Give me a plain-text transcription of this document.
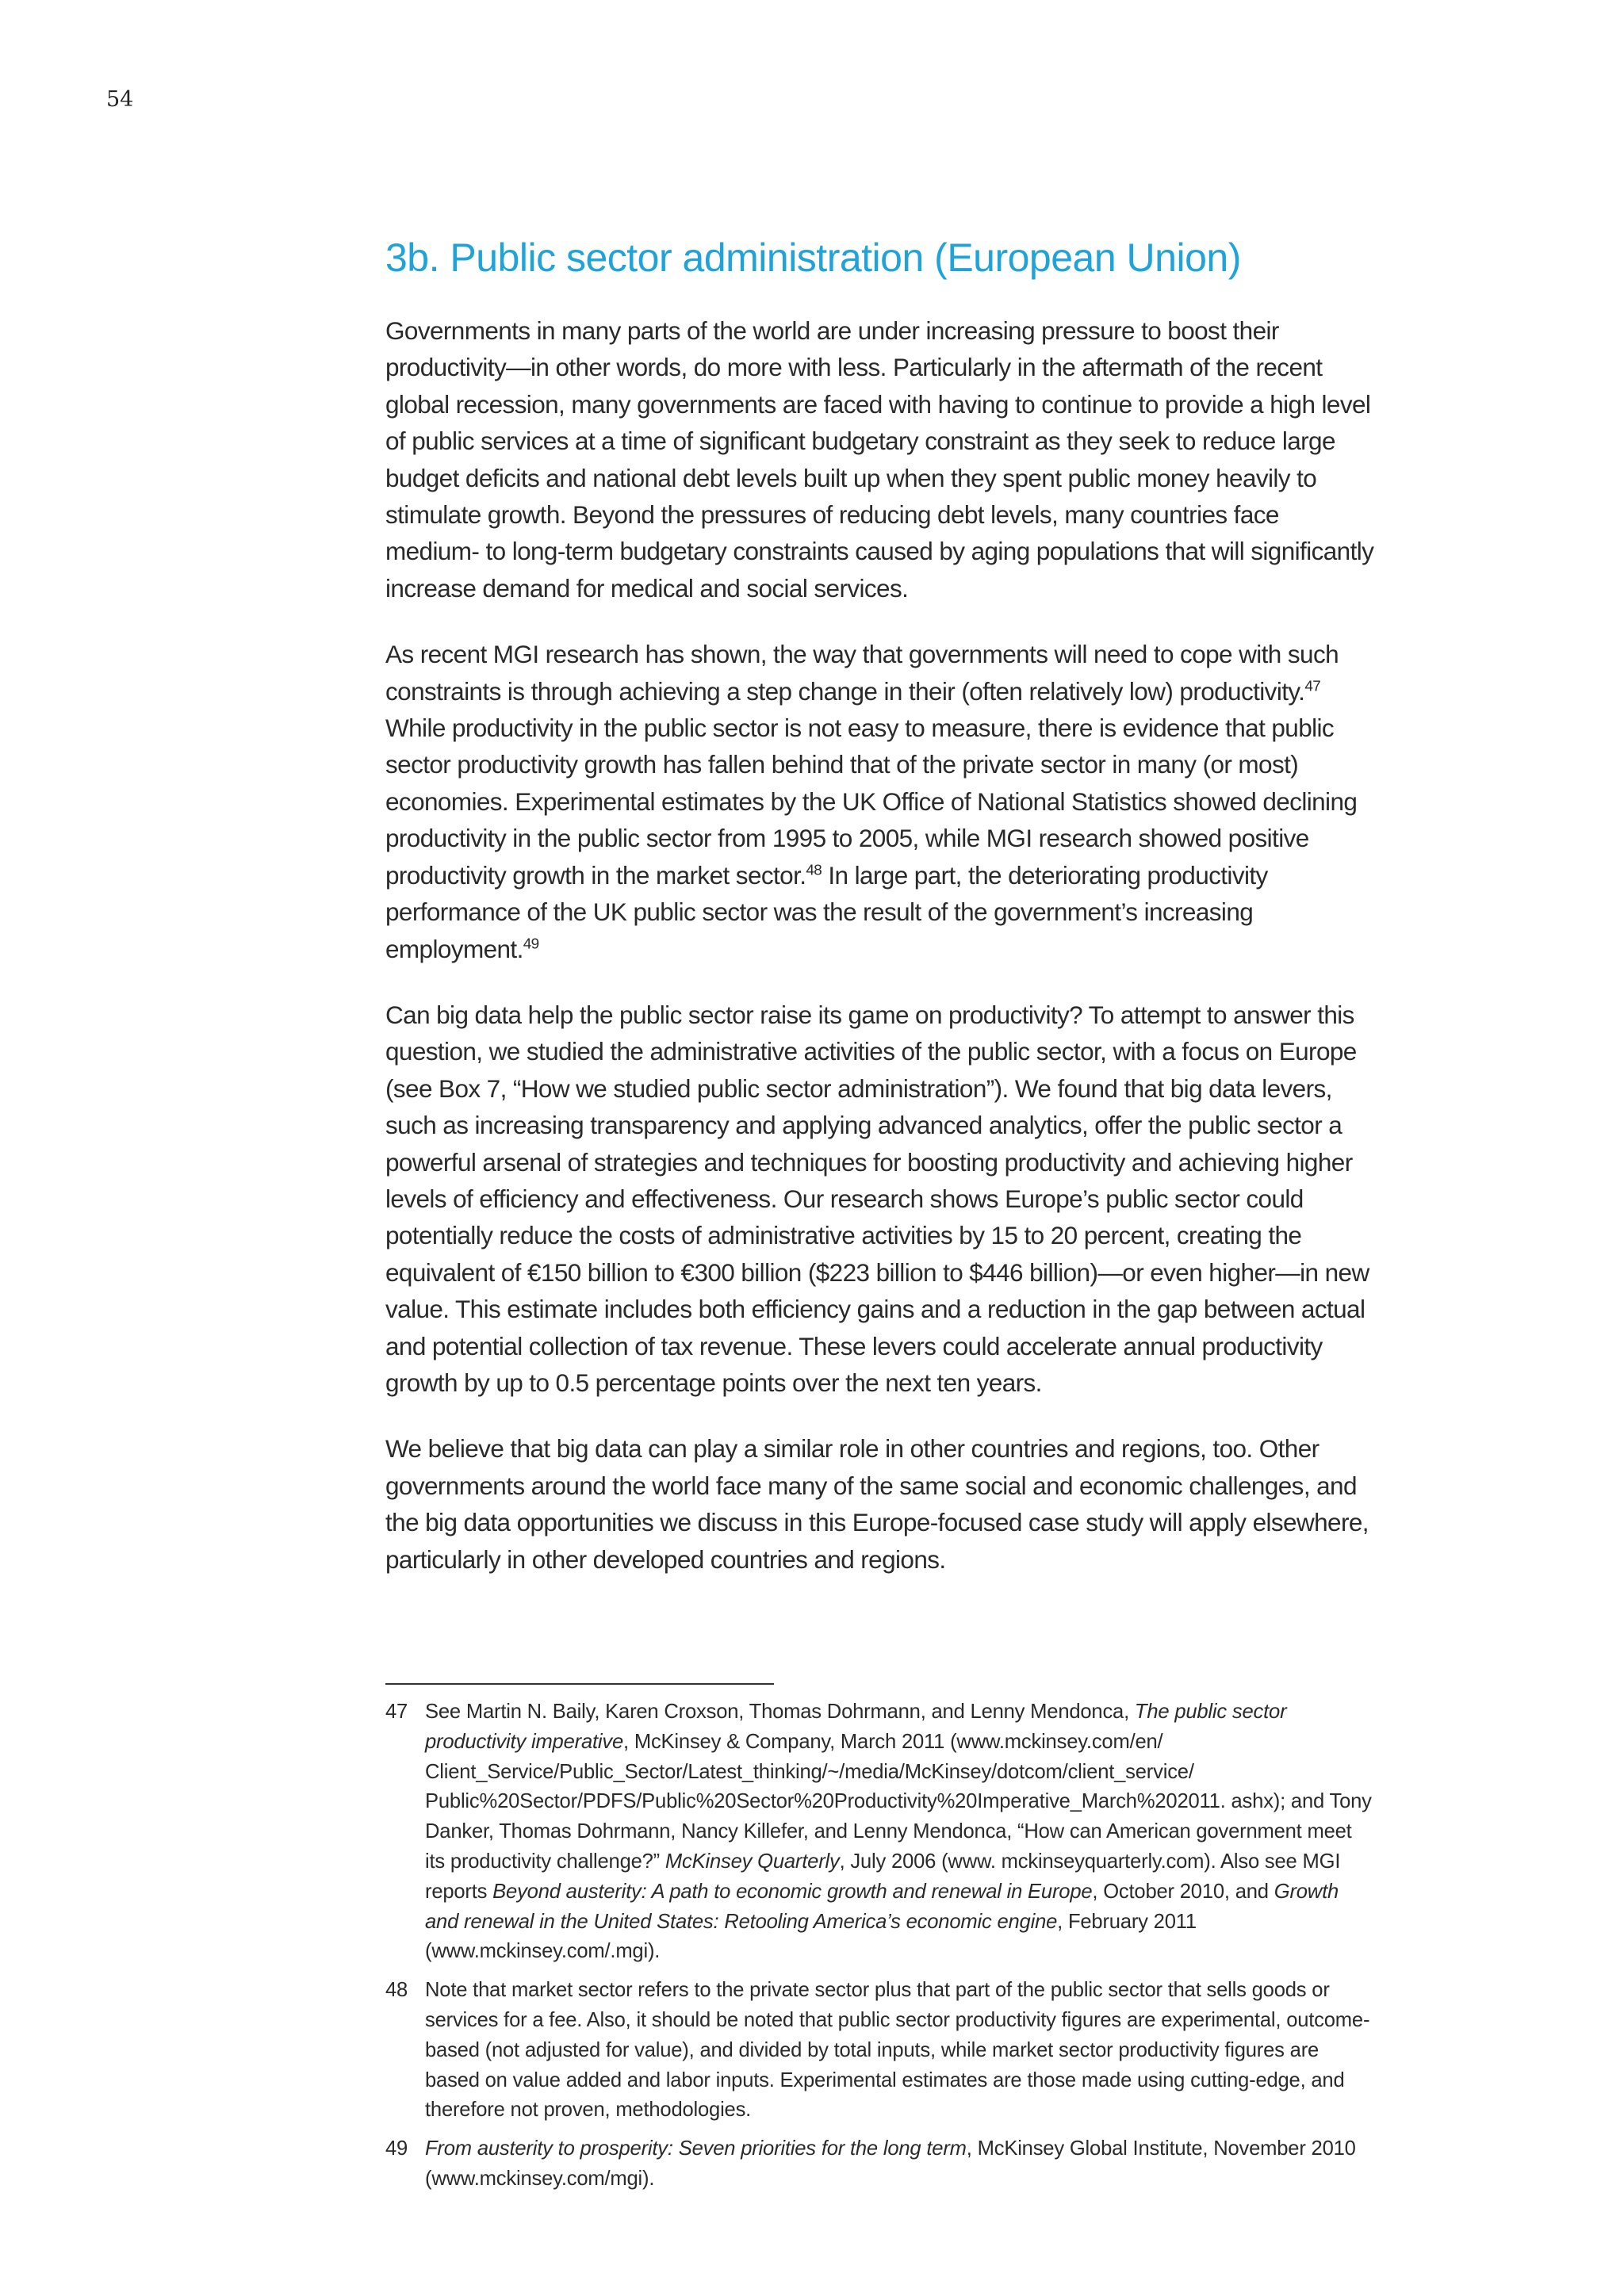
54
3b. Public sector administration (European Union)

Governments in many parts of the world are under increasing pressure to boost their productivity—in other words, do more with less. Particularly in the aftermath of the recent global recession, many governments are faced with having to continue to provide a high level of public services at a time of significant budgetary constraint as they seek to reduce large budget deficits and national debt levels built up when they spent public money heavily to stimulate growth. Beyond the pressures of reducing debt levels, many countries face medium- to long-term budgetary constraints caused by aging populations that will significantly increase demand for medical and social services.

As recent MGI research has shown, the way that governments will need to cope with such constraints is through achieving a step change in their (often relatively low) productivity.$^{47}$ While productivity in the public sector is not easy to measure, there is evidence that public sector productivity growth has fallen behind that of the private sector in many (or most) economies. Experimental estimates by the UK Office of National Statistics showed declining productivity in the public sector from 1995 to 2005, while MGI research showed positive productivity growth in the market sector.$^{48}$ In large part, the deteriorating productivity performance of the UK public sector was the result of the government’s increasing employment.$^{49}$

Can big data help the public sector raise its game on productivity? To attempt to answer this question, we studied the administrative activities of the public sector, with a focus on Europe (see Box 7, “How we studied public sector administration”). We found that big data levers, such as increasing transparency and applying advanced analytics, offer the public sector a powerful arsenal of strategies and techniques for boosting productivity and achieving higher levels of efficiency and effectiveness. Our research shows Europe’s public sector could potentially reduce the costs of administrative activities by 15 to 20 percent, creating the equivalent of €150 billion to €300 billion ($223 billion to $446 billion)—or even higher—in new value. This estimate includes both efficiency gains and a reduction in the gap between actual and potential collection of tax revenue. These levers could accelerate annual productivity growth by up to 0.5 percentage points over the next ten years.

We believe that big data can play a similar role in other countries and regions, too. Other governments around the world face many of the same social and economic challenges, and the big data opportunities we discuss in this Europe-focused case study will apply elsewhere, particularly in other developed countries and regions.

47 See Martin N. Baily, Karen Croxson, Thomas Dohrmann, and Lenny Mendonca, The public sector productivity imperative, McKinsey & Company, March 2011 (www.mckinsey.com/en/ Client_Service/Public_Sector/Latest_thinking/~/media/McKinsey/dotcom/client_service/ Public%20Sector/PDFS/Public%20Sector%20Productivity%20Imperative_March%202011. ashx); and Tony Danker, Thomas Dohrmann, Nancy Killefer, and Lenny Mendonca, “How can American government meet its productivity challenge?” McKinsey Quarterly, July 2006 (www. mckinseyquarterly.com). Also see MGI reports Beyond austerity: A path to economic growth and renewal in Europe, October 2010, and Growth and renewal in the United States: Retooling America’s economic engine, February 2011 (www.mckinsey.com/.mgi).
48 Note that market sector refers to the private sector plus that part of the public sector that sells goods or services for a fee. Also, it should be noted that public sector productivity figures are experimental, outcome-based (not adjusted for value), and divided by total inputs, while market sector productivity figures are based on value added and labor inputs. Experimental estimates are those made using cutting-edge, and therefore not proven, methodologies.
49 From austerity to prosperity: Seven priorities for the long term, McKinsey Global Institute, November 2010 (www.mckinsey.com/mgi).
